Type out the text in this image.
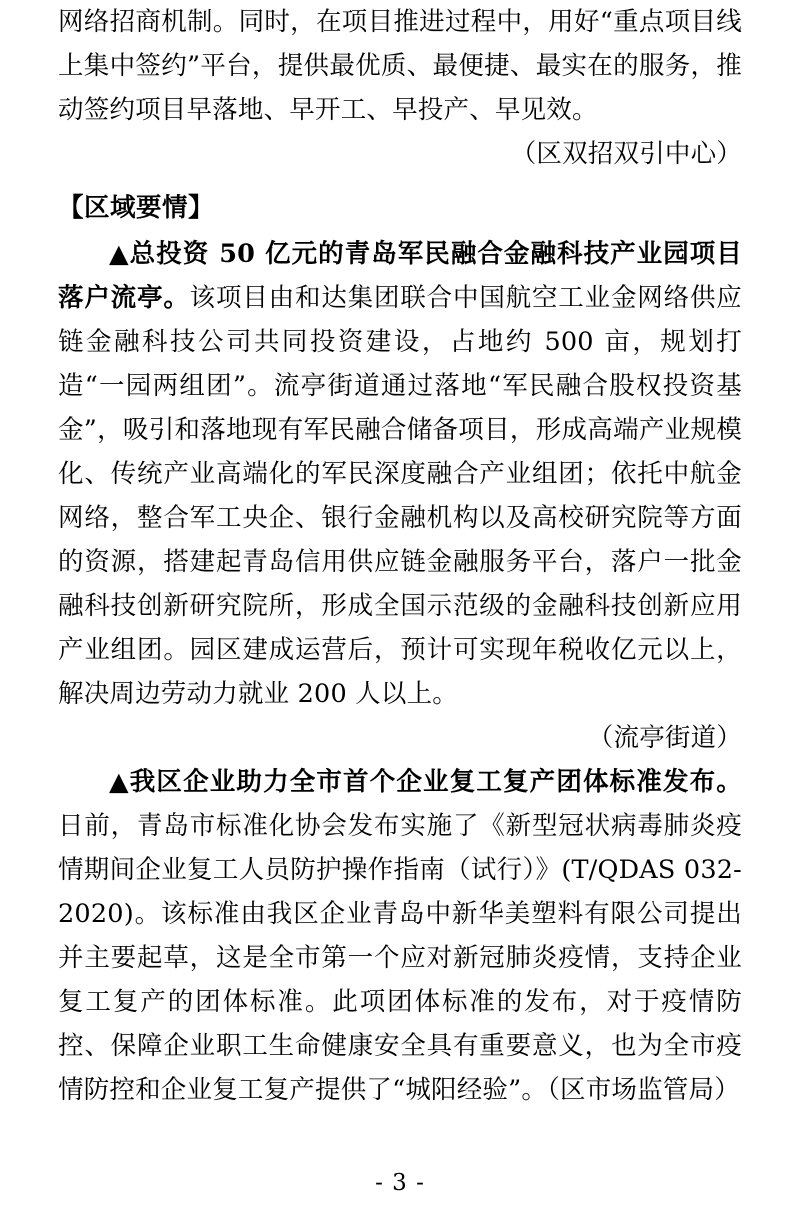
网络招商机制。同时，在项目推进过程中，用好“重点项目线上集中签约”平台，提供最优质、最便捷、最实在的服务，推动签约项目早落地、早开工、早投产、早见效。

（区双招双引中心）

【区域要情】

▲总投资 50 亿元的青岛军民融合金融科技产业园项目落户流亭。该项目由和达集团联合中国航空工业金网络供应链金融科技公司共同投资建设，占地约 500 亩，规划打造“一园两组团”。流亭街道通过落地“军民融合股权投资基金”，吸引和落地现有军民融合储备项目，形成高端产业规模化、传统产业高端化的军民深度融合产业组团；依托中航金网络，整合军工央企、银行金融机构以及高校研究院等方面的资源，搭建起青岛信用供应链金融服务平台，落户一批金融科技创新研究院所，形成全国示范级的金融科技创新应用产业组团。园区建成运营后，预计可实现年税收亿元以上，解决周边劳动力就业 200 人以上。

（流亭街道）

▲我区企业助力全市首个企业复工复产团体标准发布。日前，青岛市标准化协会发布实施了《新型冠状病毒肺炎疫情期间企业复工人员防护操作指南（试行）》(T/QDAS 032-2020)。该标准由我区企业青岛中新华美塑料有限公司提出并主要起草，这是全市第一个应对新冠肺炎疫情，支持企业复工复产的团体标准。此项团体标准的发布，对于疫情防控、保障企业职工生命健康安全具有重要意义，也为全市疫情防控和企业复工复产提供了“城阳经验”。（区市场监管局）

- 3 -
